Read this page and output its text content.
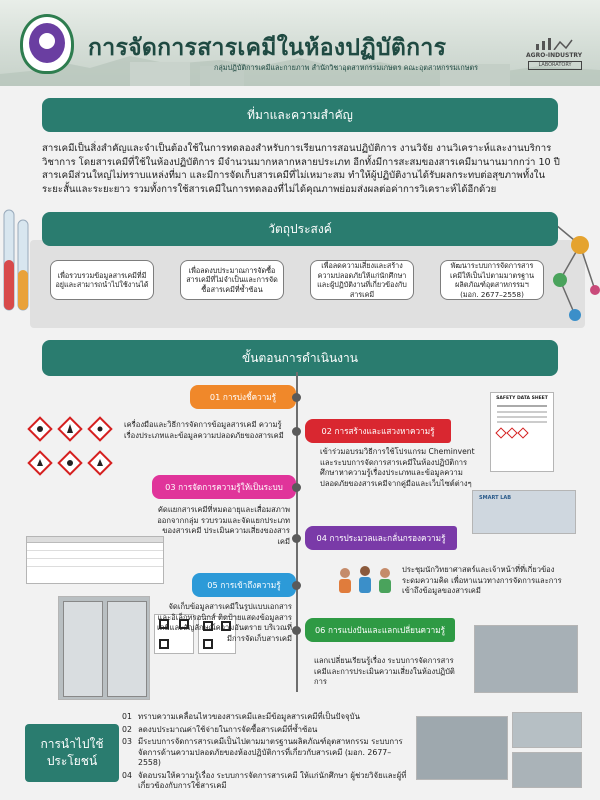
การจัดการสารเคมีในห้องปฏิบัติการ
กลุ่มปฏิบัติการเคมีและกายภาพ สำนักวิชาอุตสาหกรรมเกษตร คณะอุตสาหกรรมเกษตร
AGRO-INDUSTRY
LABORATORY
ที่มาและความสำคัญ
สารเคมีเป็นสิ่งสำคัญและจำเป็นต้องใช้ในการทดลองสำหรับการเรียนการสอนปฏิบัติการ งานวิจัย งานวิเคราะห์และงานบริการวิชาการ โดยสารเคมีที่ใช้ในห้องปฏิบัติการ มีจำนวนมากหลากหลายประเภท อีกทั้งมีการสะสมของสารเคมีมานานมากกว่า 10 ปี สารเคมีส่วนใหญ่ไม่ทราบแหล่งที่มา และมีการจัดเก็บสารเคมีที่ไม่เหมาะสม ทำให้ผู้ปฏิบัติงานได้รับผลกระทบต่อสุขภาพทั้งในระยะสั้นและระยะยาว รวมทั้งการใช้สารเคมีในการทดลองที่ไม่ได้คุณภาพย่อมส่งผลต่อค่าการวิเคราะห์ได้อีกด้วย
วัตถุประสงค์
เพื่อรวบรวมข้อมูลสารเคมีที่มีอยู่และสามารถนำไปใช้งานได้
เพื่อลดงบประมาณการจัดซื้อสารเคมีที่ไม่จำเป็นและการจัดซื้อสารเคมีที่ซ้ำซ้อน
เพื่อลดความเสี่ยงและสร้างความปลอดภัยให้แก่นักศึกษาและผู้ปฏิบัติงานที่เกี่ยวข้องกับสารเคมี
พัฒนาระบบการจัดการสารเคมีให้เป็นไปตามมาตรฐานผลิตภัณฑ์อุตสาหกรรมฯ (มอก. 2677–2558)
ขั้นตอนการดำเนินงาน
01 การบ่งชี้ความรู้
เครื่องมือและวิธีการจัดการข้อมูลสารเคมี ความรู้เรื่องประเภทและข้อมูลความปลอดภัยของสารเคมี	02 การสร้างและแสวงหาความรู้
เข้าร่วมอบรมวิธีการใช้โปรแกรม Cheminvent และระบบการจัดการสารเคมีในห้องปฏิบัติการ ศึกษาหาความรู้เรื่องประเภทและข้อมูลความปลอดภัยของสารเคมีจากคู่มือและเว็บไซต์ต่างๆ
SAFETY DATA SHEET
03 การจัดการความรู้ให้เป็นระบบ
คัดแยกสารเคมีที่หมดอายุและเสื่อมสภาพออกจากกลุ่ม รวบรวมและจัดแยกประเภทของสารเคมี ประเมินความเสี่ยงของสารเคมี
SMART LAB
04 การประมวลและกลั่นกรองความรู้
ประชุมนักวิทยาศาสตร์และเจ้าหน้าที่ที่เกี่ยวข้องระดมความคิด เพื่อหาแนวทางการจัดการและการเข้าถึงข้อมูลของสารเคมี
05 การเข้าถึงความรู้
จัดเก็บข้อมูลสารเคมีในรูปแบบเอกสาร และอิเล็กทรอนิกส์ ติดป้ายแสดงข้อมูลสารเคมีและสัญลักษณ์ความอันตราย บริเวณที่มีการจัดเก็บสารเคมี
06 การแบ่งปันและแลกเปลี่ยนความรู้
แลกเปลี่ยนเรียนรู้เรื่อง ระบบการจัดการสารเคมีและการประเมินความเสี่ยงในห้องปฏิบัติการ
การนำไปใช้
ประโยชน์
01 ทราบความเคลื่อนไหวของสารเคมีและมีข้อมูลสารเคมีที่เป็นปัจจุบัน
02 ลดงบประมาณค่าใช้จ่ายในการจัดซื้อสารเคมีที่ซ้ำซ้อน
03 มีระบบการจัดการสารเคมีเป็นไปตามมาตรฐานผลิตภัณฑ์อุตสาหกรรม ระบบการจัดการด้านความปลอดภัยของห้องปฏิบัติการที่เกี่ยวกับสารเคมี (มอก. 2677–2558)
04 จัดอบรมให้ความรู้เรื่อง ระบบการจัดการสารเคมี ให้แก่นักศึกษา ผู้ช่วยวิจัยและผู้ที่เกี่ยวข้องกับการใช้สารเคมี
